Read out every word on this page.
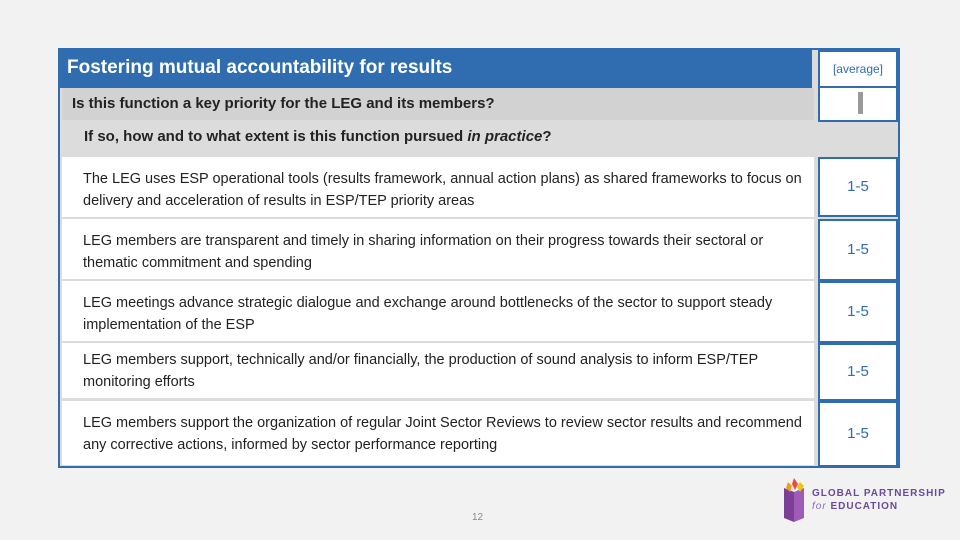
Fostering mutual accountability for results	[average]
Is this function a key priority for the LEG and its members?
If so, how and to what extent is this function pursued in practice?
The LEG uses ESP operational tools (results framework, annual action plans) as shared frameworks to focus on delivery and acceleration of results in ESP/TEP priority areas
1-5
LEG members are transparent and timely in sharing information on their progress towards their sectoral or thematic commitment and spending
1-5
LEG meetings advance strategic dialogue and exchange around bottlenecks of the sector to support steady implementation of the ESP
1-5
LEG members support, technically and/or financially, the production of sound analysis to inform ESP/TEP monitoring efforts
1-5
LEG members support the organization of regular Joint Sector Reviews to review sector results and recommend any corrective actions, informed by sector performance reporting
1-5
12
GLOBAL PARTNERSHIP
for EDUCATION
